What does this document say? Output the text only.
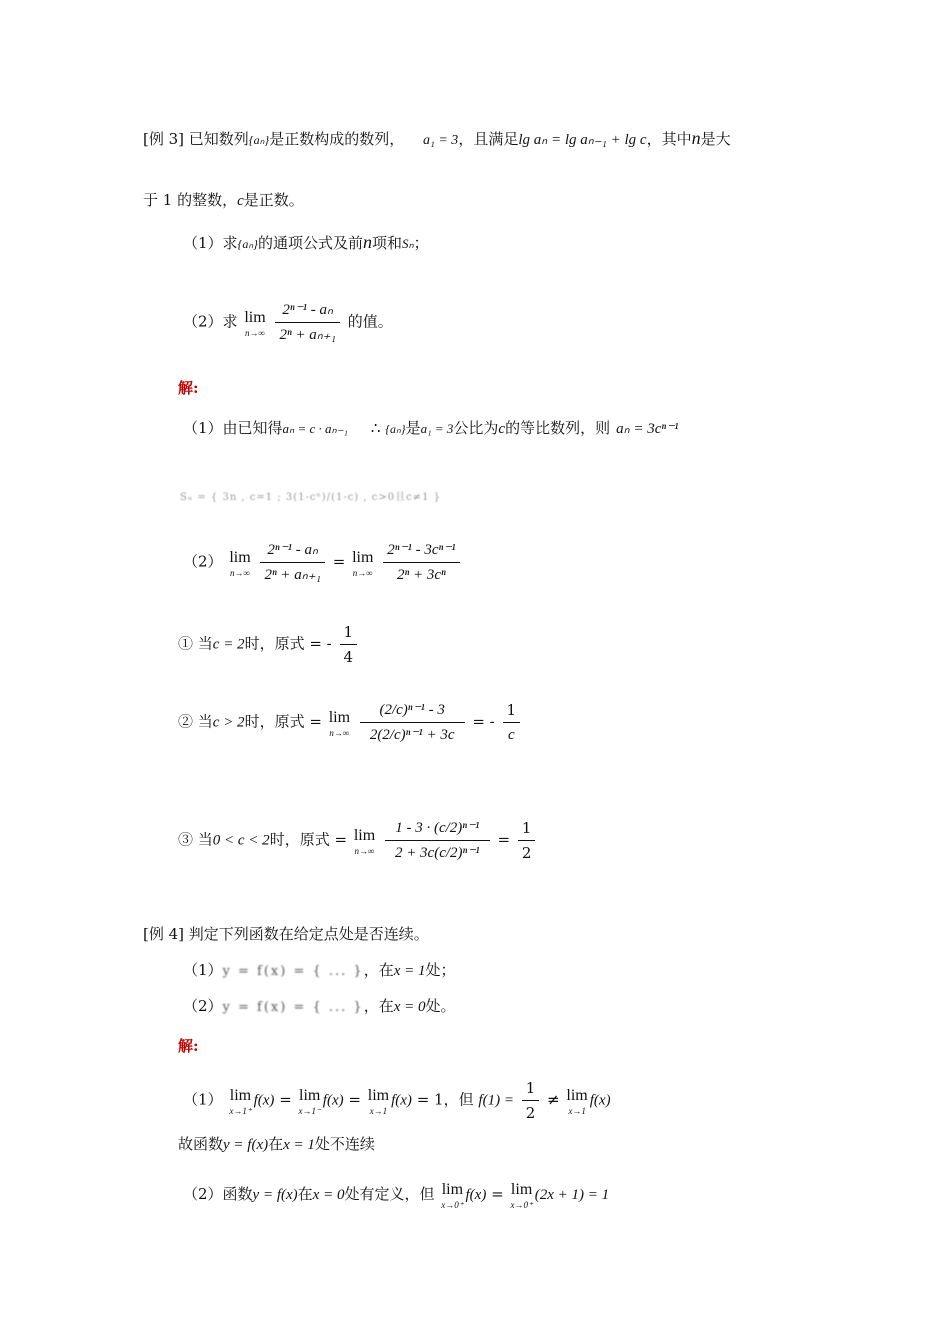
[例 3] 已知数列{aₙ}是正数构成的数列， a₁ = 3，且满足lg aₙ = lg aₙ₋₁ + lg c，其中n是大
于 1 的整数，c是正数。
（1）求{aₙ}的通项公式及前n项和Sₙ；
（2）求 lim
n→∞
$\frac{\text{2ⁿ⁻¹ - aₙ}}{\text{2ⁿ + aₙ₊₁}}$ 的值。
解:
（1）由已知得aₙ = c · aₙ₋₁ ∴ {aₙ}是a₁ = 3公比为c的等比数列，则 aₙ = 3cⁿ⁻¹
Sₙ = { 3n , c=1 ; 3(1-cⁿ)/(1-c) , c>0且c≠1 }
（2） lim
n→∞
$\frac{\text{2ⁿ⁻¹ - aₙ}}{\text{2ⁿ + aₙ₊₁}} = \lim$
n→∞
$\frac{\text{2ⁿ⁻¹ - 3cⁿ⁻¹}}{\text{2ⁿ + 3cⁿ}}$
① 当c = 2时，原式 = - $\frac{1}{4}$
② 当c > 2时，原式 = lim
n→∞
$\frac{\text{(2/c)ⁿ⁻¹ - 3}}{\text{2(2/c)ⁿ⁻¹ + 3c}}$ = - $\frac{1}{c}$
③ 当0 < c < 2时，原式 = lim
n→∞
$\frac{\text{1 - 3 · (c/2)ⁿ⁻¹}}{\text{2 + 3c(c/2)ⁿ⁻¹}} = \frac{1}{2}$
[例 4] 判定下列函数在给定点处是否连续。
（1）y = f(x) = { ... }，在x = 1处；
（2）y = f(x) = { ... }，在x = 0处。
解:
（1） lim
x→1⁺
f(x) = lim
x→1⁻
f(x) = lim
x→1
f(x) = 1，但 $f(1) = \frac{1}{2} \ne \lim$
x→1
f(x)
故函数y = f(x)在x = 1处不连续
（2）函数y = f(x)在x = 0处有定义，但 lim
x→0⁺
f(x) = lim
x→0⁺
(2x + 1) = 1
